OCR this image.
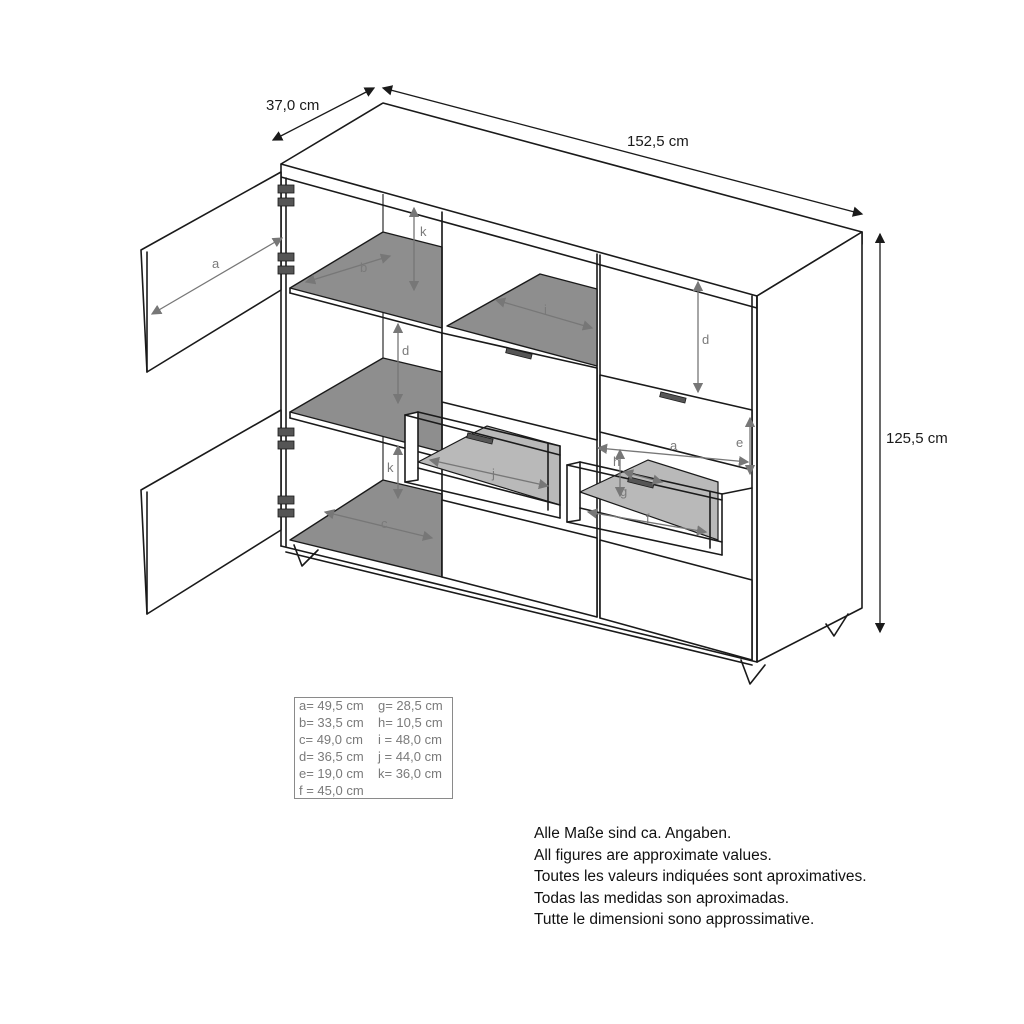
37,0 cm
152,5 cm
125,5 cm
a	b
c
d
d
e
a
f
g
h
i
j
k
k
a= 49,5 cm
b= 33,5 cm
c= 49,0 cm
d= 36,5 cm
e= 19,0 cm
f = 45,0 cm
g= 28,5 cm
h= 10,5 cm
i = 48,0 cm
j = 44,0 cm
k= 36,0 cm
Alle Maße sind ca. Angaben.
All figures are approximate values.
Toutes les valeurs indiquées sont aproximatives.
Todas las medidas son aproximadas.
Tutte le dimensioni sono approssimative.
